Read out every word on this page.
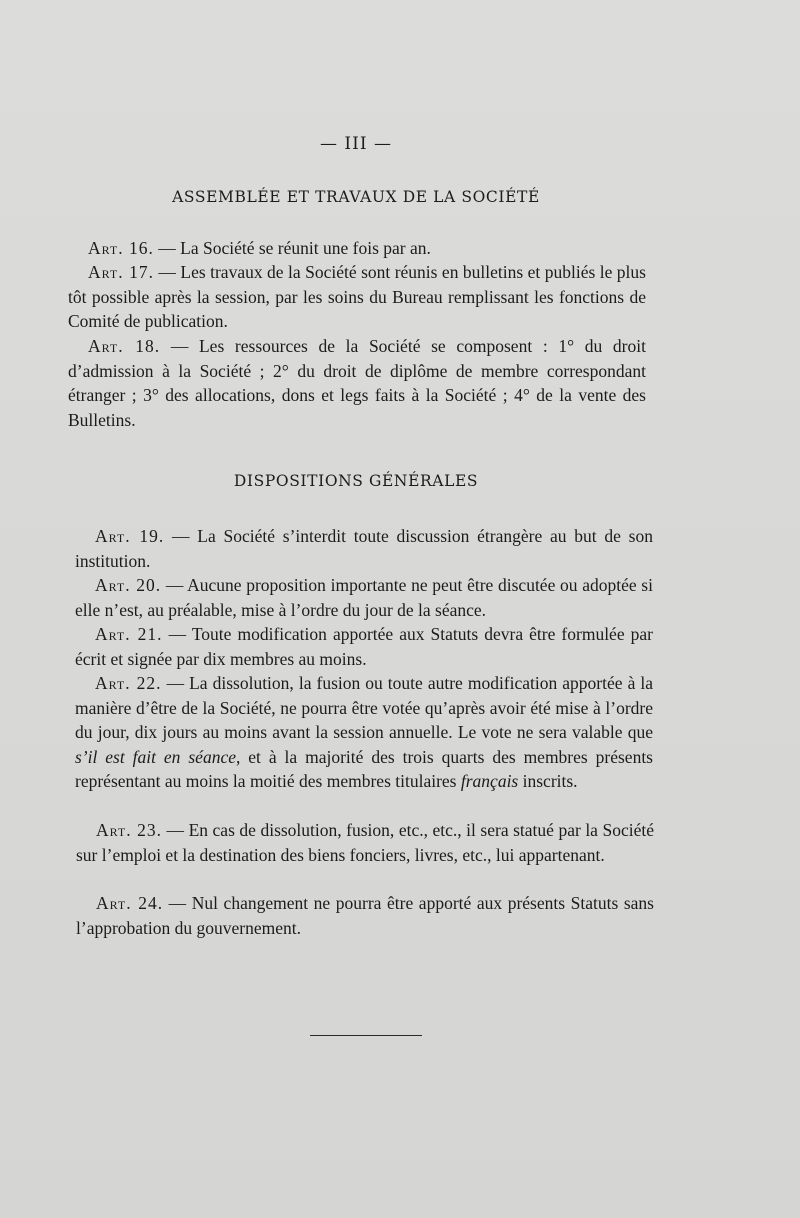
— III —
ASSEMBLÉE ET TRAVAUX DE LA SOCIÉTÉ

Art. 16. — La Société se réunit une fois par an.

Art. 17. — Les travaux de la Société sont réunis en bulletins et publiés le plus tôt possible après la session, par les soins du Bureau remplissant les fonctions de Comité de publication.

Art. 18. — Les ressources de la Société se composent : 1° du droit d’admission à la Société ; 2° du droit de diplôme de membre correspondant étranger ; 3° des allocations, dons et legs faits à la Société ; 4° de la vente des Bulletins.

DISPOSITIONS GÉNÉRALES

Art. 19. — La Société s’interdit toute discussion étrangère au but de son institution.

Art. 20. — Aucune proposition importante ne peut être discutée ou adoptée si elle n’est, au préalable, mise à l’ordre du jour de la séance.

Art. 21. — Toute modification apportée aux Statuts devra être formulée par écrit et signée par dix membres au moins.

Art. 22. — La dissolution, la fusion ou toute autre modification apportée à la manière d’être de la Société, ne pourra être votée qu’après avoir été mise à l’ordre du jour, dix jours au moins avant la session annuelle. Le vote ne sera valable que s’il est fait en séance, et à la majorité des trois quarts des membres présents représentant au moins la moitié des membres titulaires français inscrits.

Art. 23. — En cas de dissolution, fusion, etc., etc., il sera statué par la Société sur l’emploi et la destination des biens fonciers, livres, etc., lui appartenant.

Art. 24. — Nul changement ne pourra être apporté aux présents Statuts sans l’approbation du gouvernement.
